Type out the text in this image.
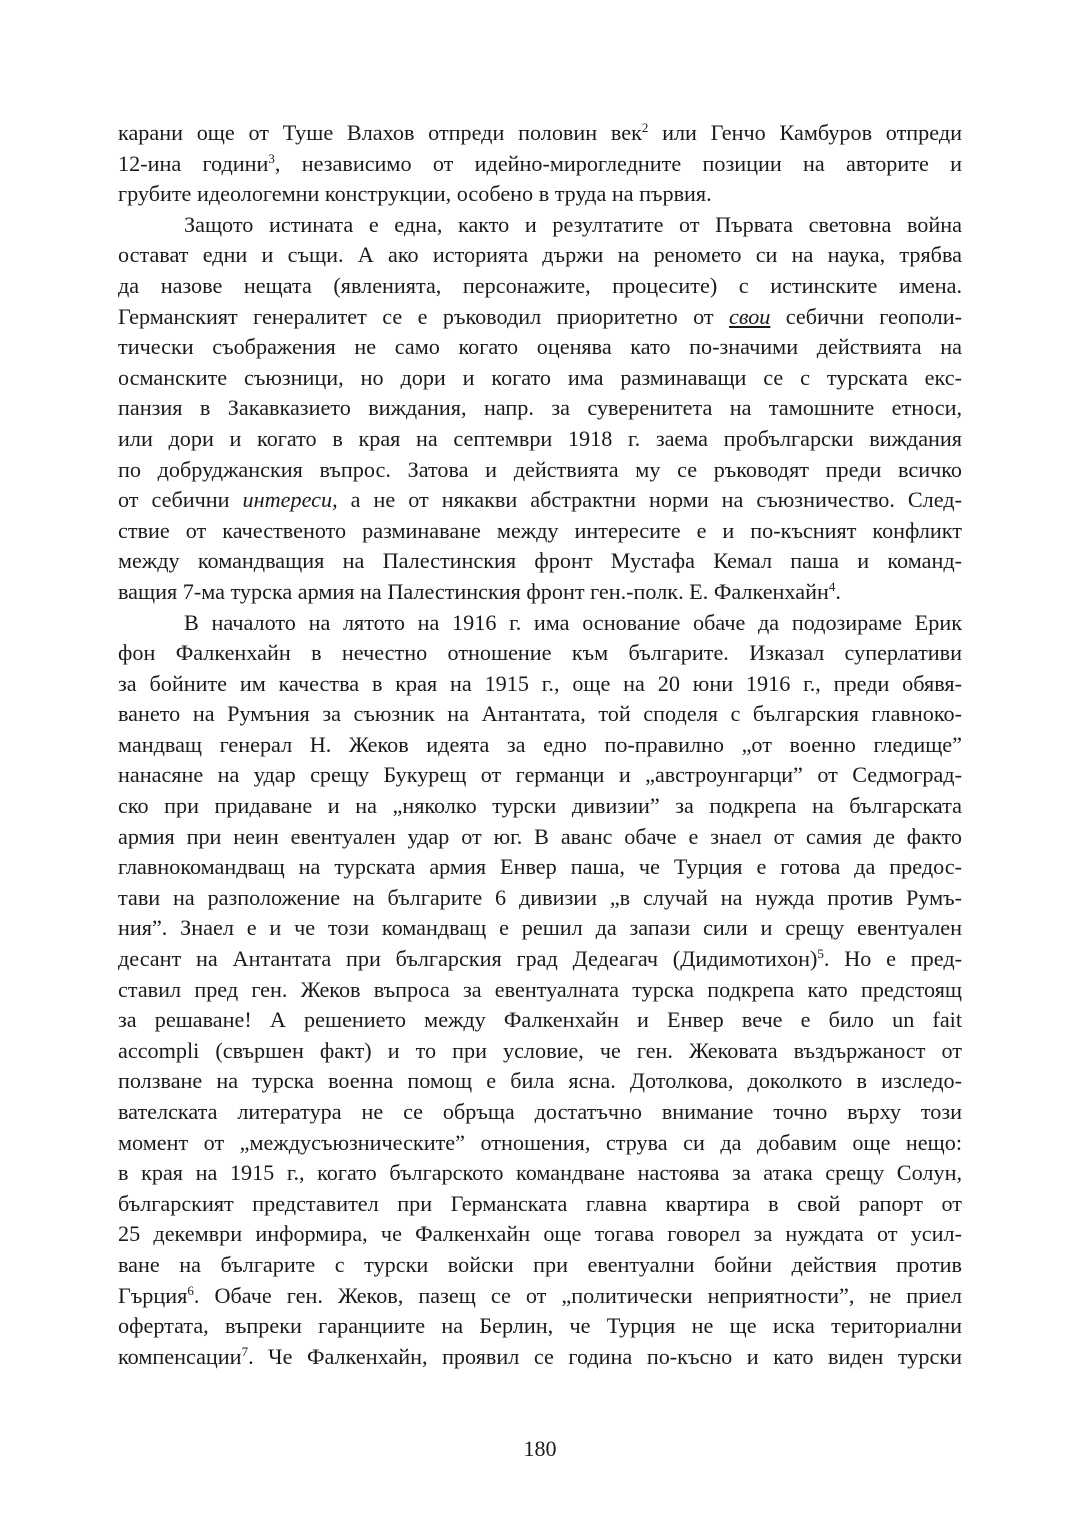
карани още от Туше Влахов отпреди половин век$^2$ или Генчо Камбуров отпреди
12-ина години$^3$, независимо от идейно-мирогледните позиции на авторите и
грубите идеологемни конструкции, особено в труда на първия.
Защото истината е една, както и резултатите от Първата световна война
остават едни и същи. А ако историята държи на реномето си на наука, трябва
да назове нещата (явленията, персонажите, процесите) с истинските имена.
Германският генералитет се е ръководил приоритетно от свои себични геополи-
тически съображения не само когато оценява като по-значими действията на
османските съюзници, но дори и когато има разминаващи се с турската екс-
панзия в Закавказието виждания, напр. за суверенитета на тамошните етноси,
или дори и когато в края на септември 1918 г. заема пробългарски виждания
по добруджанския въпрос. Затова и действията му се ръководят преди всичко
от себични интереси, а не от някакви абстрактни норми на съюзничество. След-
ствие от качественото разминаване между интересите е и по-късният конфликт
между командващия на Палестинския фронт Мустафа Кемал паша и команд-
ващия 7-ма турска армия на Палестинския фронт ген.-полк. Е. Фалкенхайн$^4$.
В началото на лятото на 1916 г. има основание обаче да подозираме Ерик
фон Фалкенхайн в нечестно отношение към българите. Изказал суперлативи
за бойните им качества в края на 1915 г., още на 20 юни 1916 г., преди обявя-
ването на Румъния за съюзник на Антантата, той споделя с българския главноко-
мандващ генерал Н. Жеков идеята за едно по-правилно „от военно гледище”
нанасяне на удар срещу Букурещ от германци и „австроунгарци” от Седмоград-
ско при придаване и на „няколко турски дивизии” за подкрепа на българската
армия при неин евентуален удар от юг. В аванс обаче е знаел от самия де факто
главнокомандващ на турската армия Енвер паша, че Турция е готова да предос-
тави на разположение на българите 6 дивизии „в случай на нужда против Румъ-
ния”. Знаел е и че този командващ е решил да запази сили и срещу евентуален
десант на Антантата при българския град Дедеагач (Дидимотихон)$^5$. Но е пред-
ставил пред ген. Жеков въпроса за евентуалната турска подкрепа като предстоящ
за решаване! А решението между Фалкенхайн и Енвер вече е било un fait
accompli (свършен факт) и то при условие, че ген. Жековата въздържаност от
ползване на турска военна помощ е била ясна. Дотолкова, доколкото в изследо-
вателската литература не се обръща достатъчно внимание точно върху този
момент от „междусъюзническите” отношения, струва си да добавим още нещо:
в края на 1915 г., когато българското командване настоява за атака срещу Солун,
българският представител при Германската главна квартира в свой рапорт от
25 декември информира, че Фалкенхайн още тогава говорел за нуждата от усил-
ване на българите с турски войски при евентуални бойни действия против
Гърция$^6$. Обаче ген. Жеков, пазещ се от „политически неприятности”, не приел
офертата, въпреки гаранциите на Берлин, че Турция не ще иска териториални
компенсации$^7$. Че Фалкенхайн, проявил се година по-късно и като виден турски
180
